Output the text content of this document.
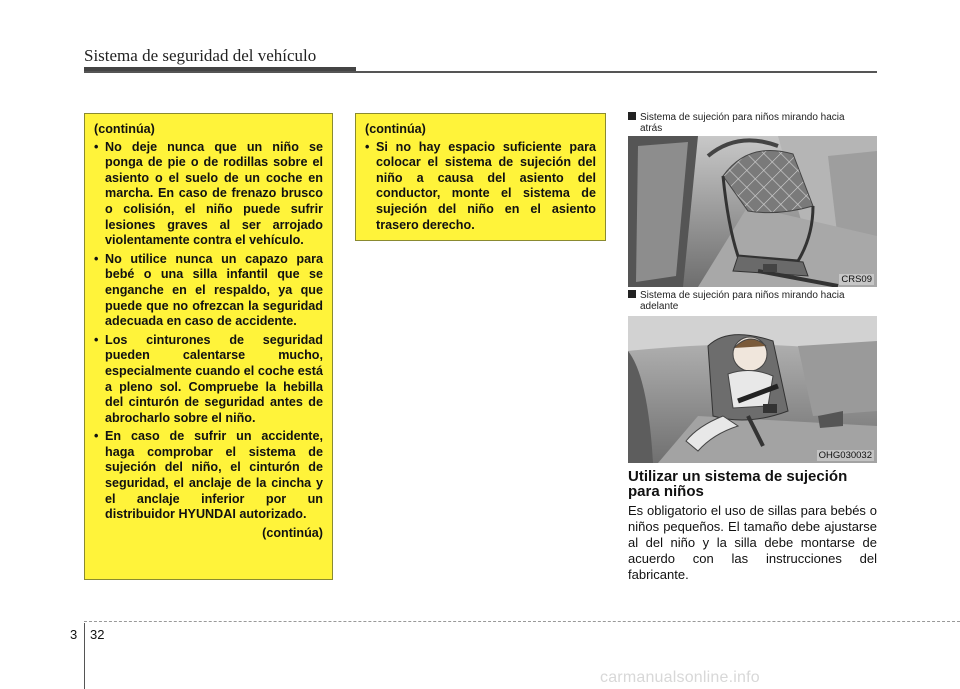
Sistema de seguridad del vehículo
(continúa)
• No deje nunca que un niño se ponga de pie o de rodillas sobre el asiento o el suelo de un coche en marcha. En caso de frenazo brusco o colisión, el niño puede sufrir lesiones graves al ser arrojado violentamente contra el vehículo.
• No utilice nunca un capazo para bebé o una silla infantil que se enganche en el respaldo, ya que puede que no ofrezcan la seguridad adecuada en caso de accidente.
• Los cinturones de seguridad pueden calentarse mucho, especialmente cuando el coche está a pleno sol. Compruebe la hebilla del cinturón de seguridad antes de abrocharlo sobre el niño.
• En caso de sufrir un accidente, haga comprobar el sistema de sujeción del niño, el cinturón de seguridad, el anclaje de la cincha y el anclaje inferior por un distribuidor HYUNDAI autorizado.
(continúa)
(continúa)
• Si no hay espacio suficiente para colocar el sistema de sujeción del niño a causa del asiento del conductor, monte el sistema de sujeción del niño en el asiento trasero derecho.
Sistema de sujeción para niños mirando hacia
atrás
CRS09
Sistema de sujeción para niños mirando hacia
adelante
OHG030032
Utilizar un sistema de sujeción para niños
Es obligatorio el uso de sillas para bebés o niños pequeños. El tamaño debe ajustarse al del niño y la silla debe montarse de acuerdo con las instrucciones del fabricante.
3 32
carmanualsonline.info
